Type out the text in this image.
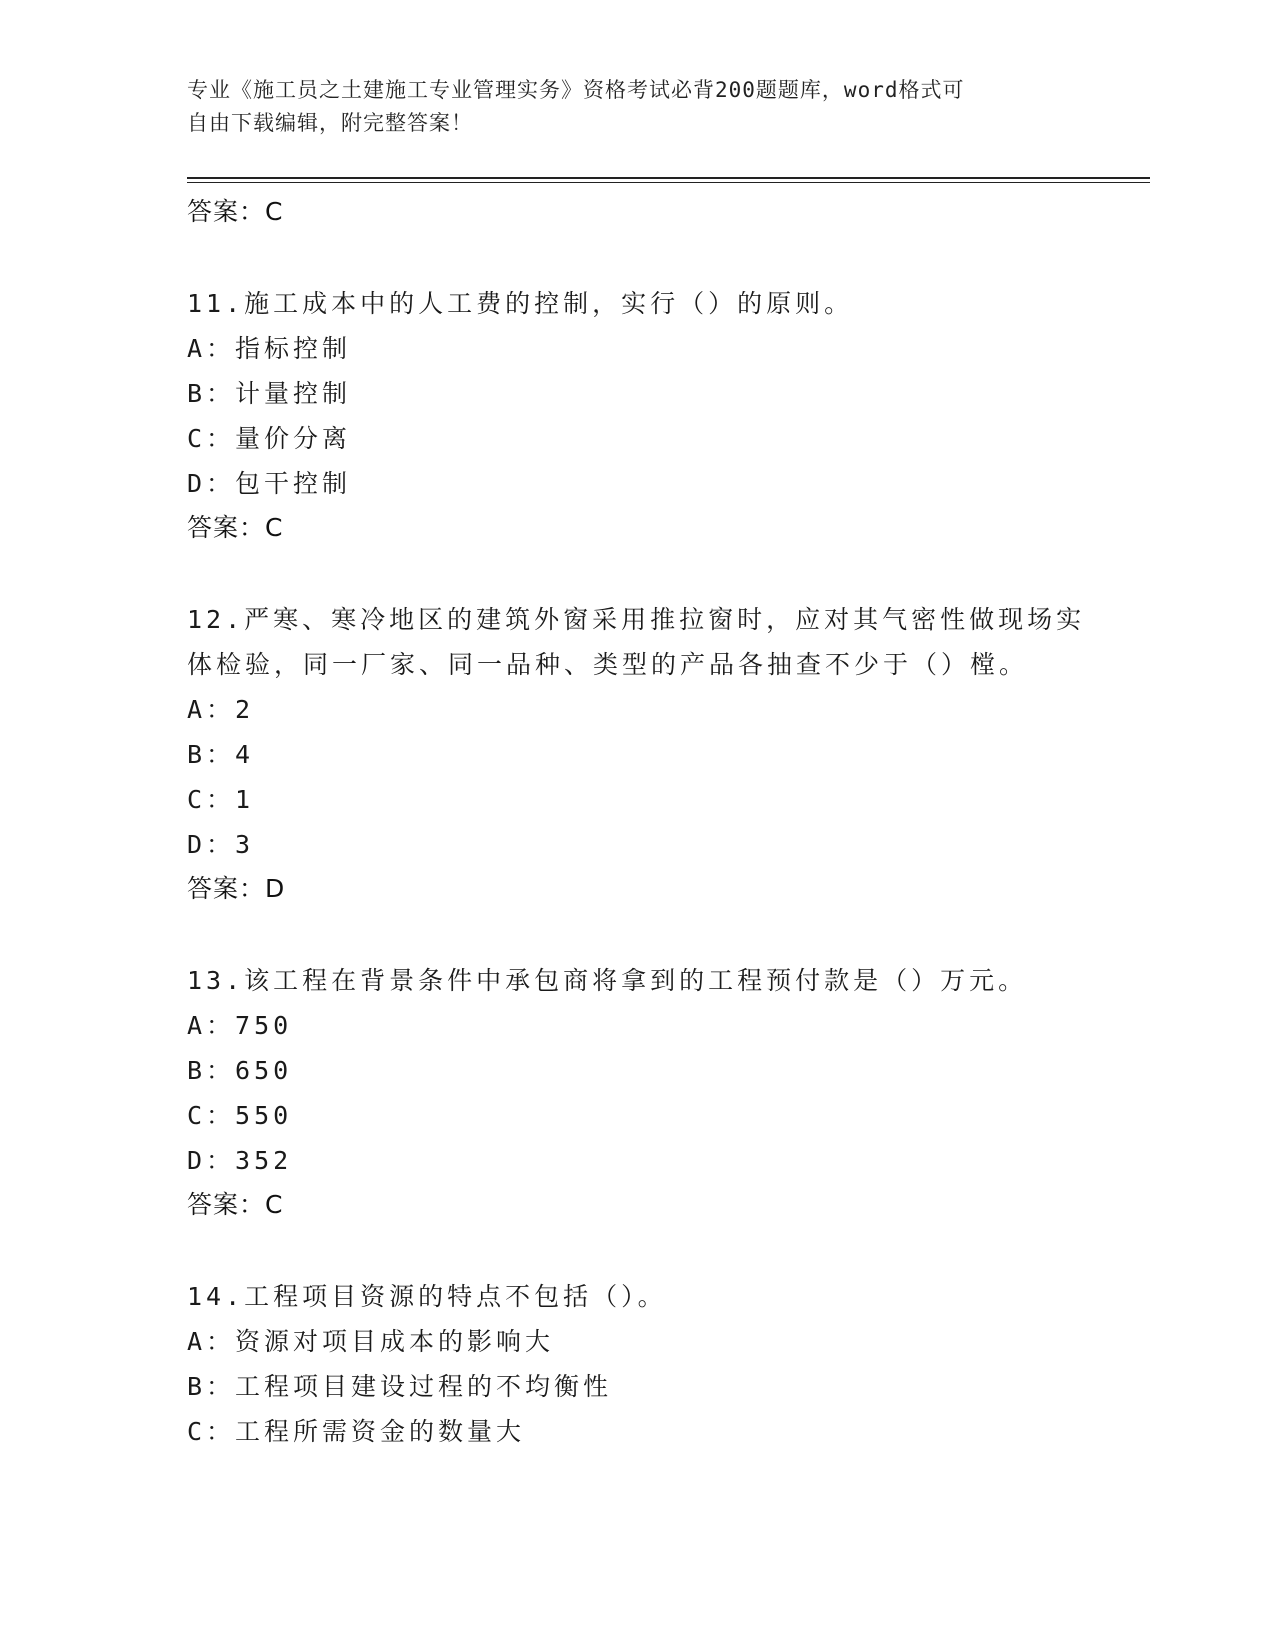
专业《施工员之土建施工专业管理实务》资格考试必背200题题库，word格式可
自由下载编辑，附完整答案！
答案：C
11.施工成本中的人工费的控制，实行（）的原则。
A：指标控制
B：计量控制
C：量价分离
D：包干控制
答案：C
12.严寒、寒冷地区的建筑外窗采用推拉窗时，应对其气密性做现场实体检验，同一厂家、同一品种、类型的产品各抽查不少于（）樘。
A：2
B：4
C：1
D：3
答案：D
13.该工程在背景条件中承包商将拿到的工程预付款是（）万元。
A：750
B：650
C：550
D：352
答案：C
14.工程项目资源的特点不包括（）。
A：资源对项目成本的影响大
B：工程项目建设过程的不均衡性
C：工程所需资金的数量大
